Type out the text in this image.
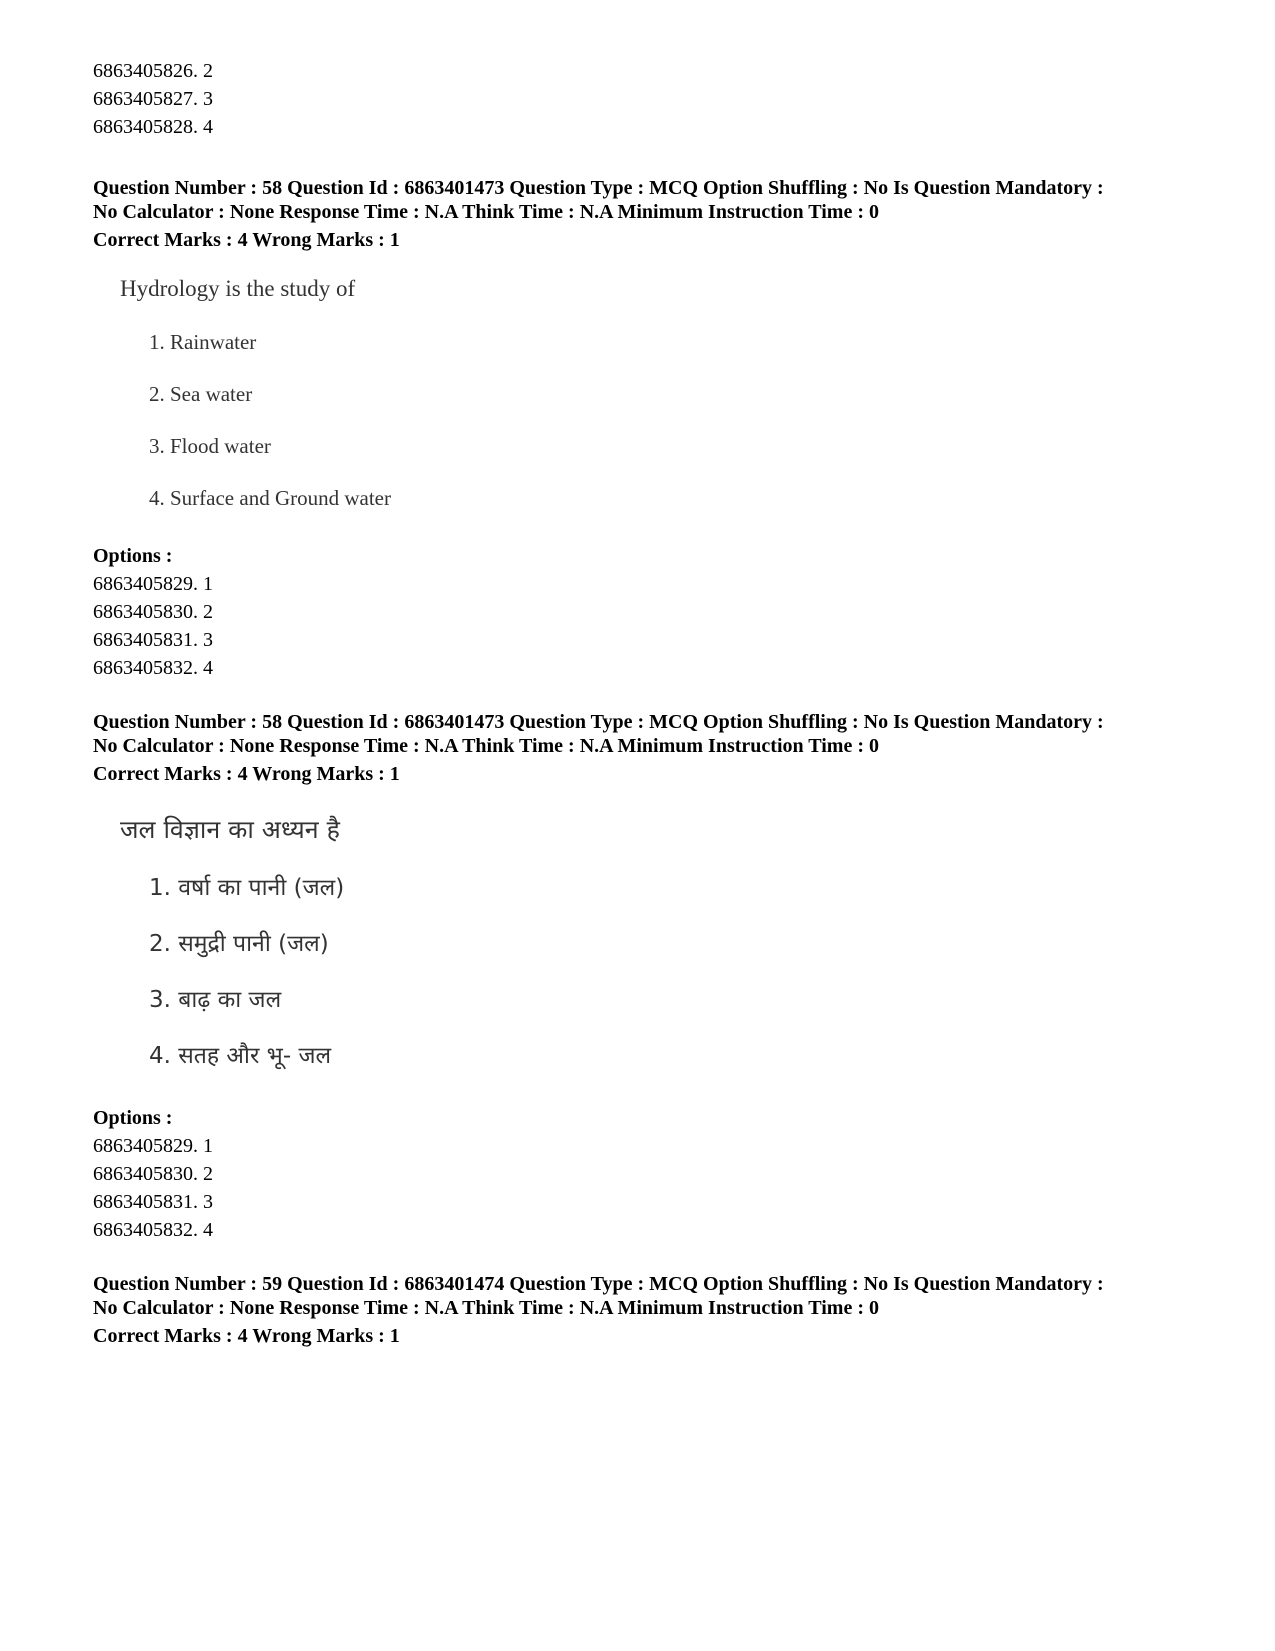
6863405826. 2
6863405827. 3
6863405828. 4
Question Number : 58 Question Id : 6863401473 Question Type : MCQ Option Shuffling : No Is Question Mandatory :
No Calculator : None Response Time : N.A Think Time : N.A Minimum Instruction Time : 0
Correct Marks : 4 Wrong Marks : 1
Hydrology is the study of
1. Rainwater
2. Sea water
3. Flood water
4. Surface and Ground water
Options :
6863405829. 1
6863405830. 2
6863405831. 3
6863405832. 4
Question Number : 58 Question Id : 6863401473 Question Type : MCQ Option Shuffling : No Is Question Mandatory :
No Calculator : None Response Time : N.A Think Time : N.A Minimum Instruction Time : 0
Correct Marks : 4 Wrong Marks : 1
जल विज्ञान का अध्यन है
1. वर्षा का पानी (जल)
2. समुद्री पानी (जल)
3. बाढ़ का जल
4. सतह और भू- जल
Options :
6863405829. 1
6863405830. 2
6863405831. 3
6863405832. 4
Question Number : 59 Question Id : 6863401474 Question Type : MCQ Option Shuffling : No Is Question Mandatory :
No Calculator : None Response Time : N.A Think Time : N.A Minimum Instruction Time : 0
Correct Marks : 4 Wrong Marks : 1
